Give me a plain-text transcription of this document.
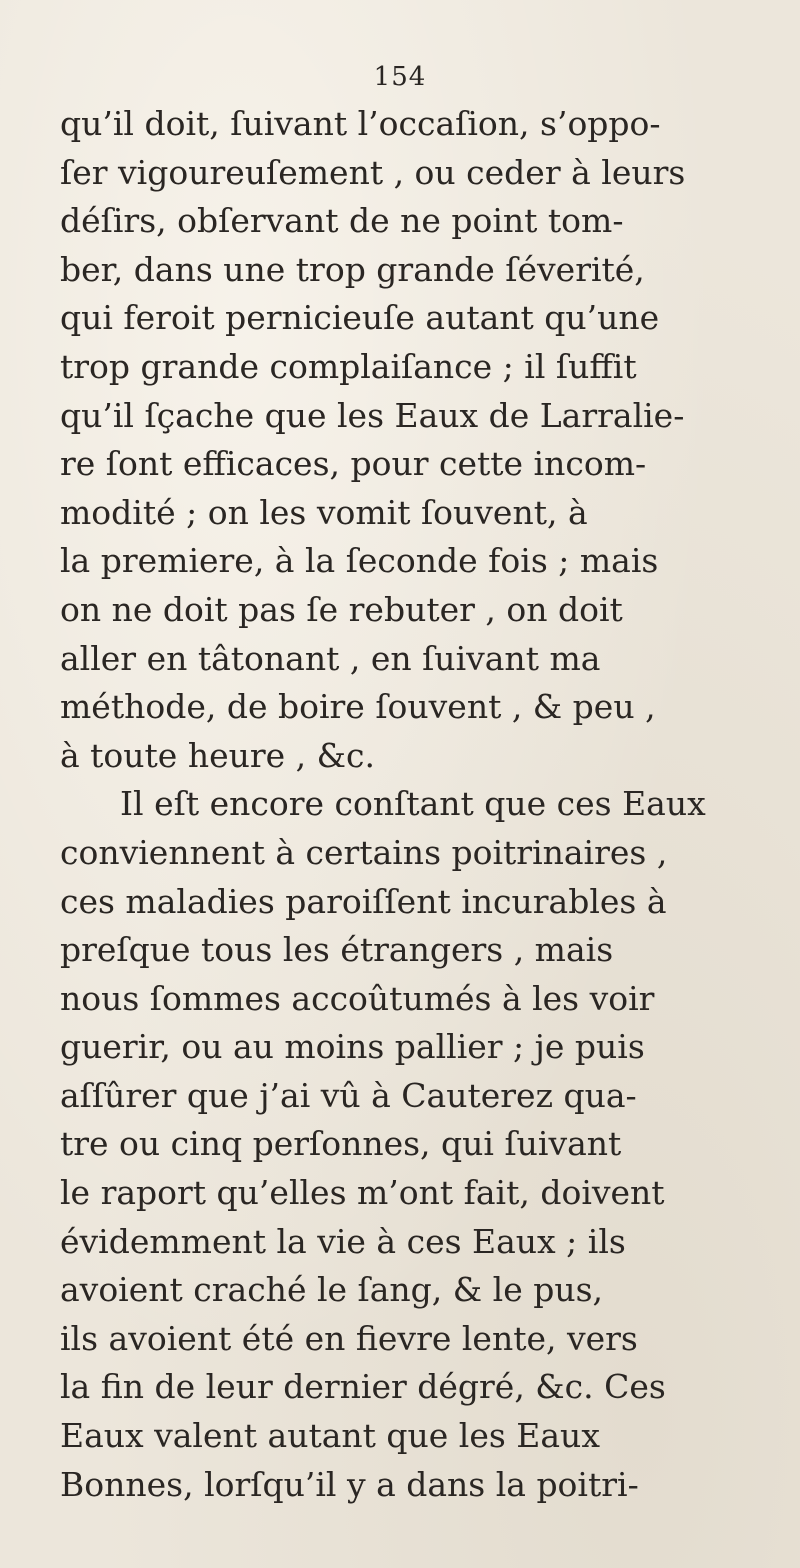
154
qu’il doit, ſuivant l’occaſion, s’oppo-
ſer vigoureuſement , ou ceder à leurs
déſirs, obſervant de ne point tom-
ber, dans une trop grande ſéverité,
qui feroit pernicieuſe autant qu’une
trop grande complaiſance ; il ſuffit
qu’il ſçache que les Eaux de Larralie-
re ſont efficaces, pour cette incom-
modité ; on les vomit ſouvent, à
la premiere, à la ſeconde fois ; mais
on ne doit pas ſe rebuter , on doit
aller en tâtonant , en ſuivant ma
méthode, de boire ſouvent , & peu ,
à toute heure , &c.
Il eſt encore conſtant que ces Eaux
conviennent à certains poitrinaires ,
ces maladies paroiſſent incurables à
preſque tous les étrangers , mais
nous ſommes accoûtumés à les voir
guerir, ou au moins pallier ; je puis
aſſûrer que j’ai vû à Cauterez qua-
tre ou cinq perſonnes, qui ſuivant
le raport qu’elles m’ont fait, doivent
évidemment la vie à ces Eaux ; ils
avoient craché le ſang, & le pus,
ils avoient été en fievre lente, vers
la fin de leur dernier dégré, &c. Ces
Eaux valent autant que les Eaux
Bonnes, lorſqu’il y a dans la poitri-
